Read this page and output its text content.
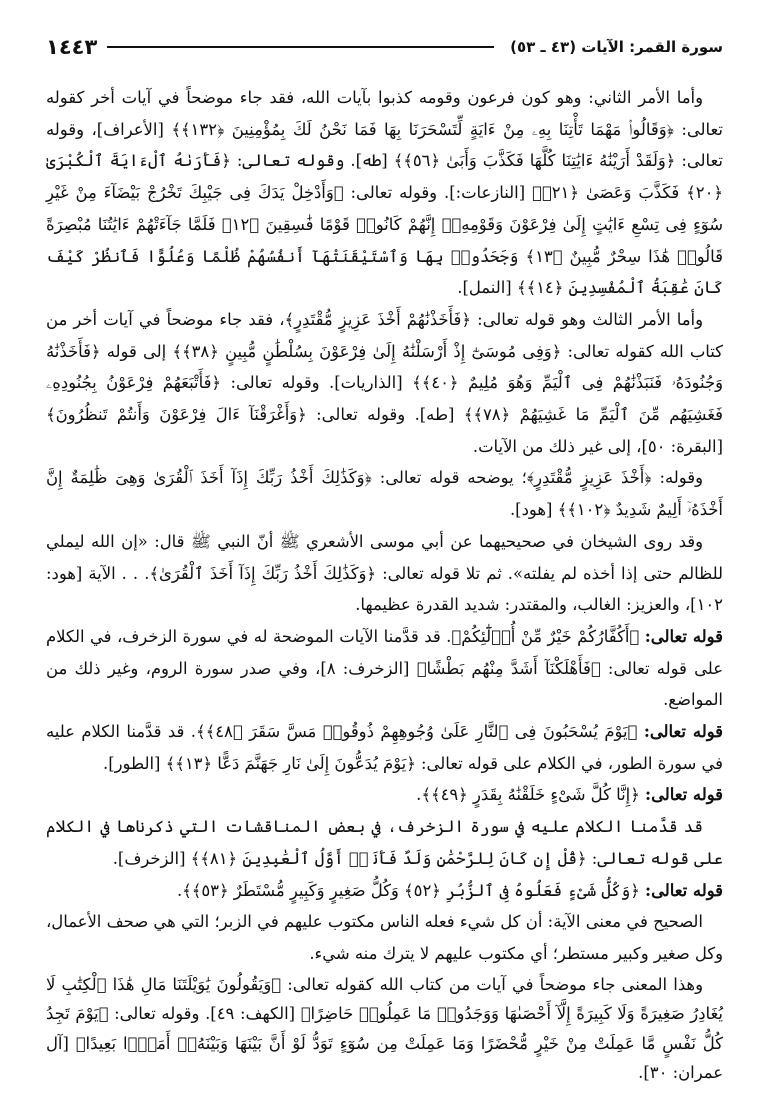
سورة القمر: الآيات (٤٣ ـ ٥٣)
١٤٤٣

وأما الأمر الثاني: وهو كون فرعون وقومه كذبوا بآيات الله، فقد جاء موضحاً في آيات أخر كقوله تعالى: ﴿وَقَالُوا۟ مَهْمَا تَأْتِنَا بِهِۦ مِنْ ءَايَةٍ لِّتَسْحَرَنَا بِهَا فَمَا نَحْنُ لَكَ بِمُؤْمِنِينَ ﴿١٣٢﴾﴾ [الأعراف]، وقوله تعالى: ﴿وَلَقَدْ أَرَيْنَٰهُ ءَايَٰتِنَا كُلَّهَا فَكَذَّبَ وَأَبَىٰ ﴿٥٦﴾﴾ [طه]. وقوله تعالى: ﴿فَأَرَىٰهُ ٱلْءَايَةَ ٱلْكُبْرَىٰ ﴿٢٠﴾ فَكَذَّبَ وَعَصَىٰ ﴿٢١﴾﴾ [النازعات:]. وقوله تعالى: ﴿وَأَدْخِلْ يَدَكَ فِى جَيْبِكَ تَخْرُجْ بَيْضَآءَ مِنْ غَيْرِ سُوٓءٍ فِى تِسْعِ ءَايَٰتٍ إِلَىٰ فِرْعَوْنَ وَقَوْمِهِۦٓ إِنَّهُمْ كَانُوا۟ قَوْمًا فَٰسِقِينَ ﴿١٢﴾ فَلَمَّا جَآءَتْهُمْ ءَايَٰتُنَا مُبْصِرَةً قَالُوا۟ هَٰذَا سِحْرٌ مُّبِينٌ ﴿١٣﴾ وَجَحَدُوا۟ بِهَا وَٱسْتَيْقَنَتْهَآ أَنفُسُهُمْ ظُلْمًا وَعُلُوًّا فَٱنظُرْ كَيْفَ كَانَ عَٰقِبَةُ ٱلْمُفْسِدِينَ ﴿١٤﴾﴾ [النمل].

وأما الأمر الثالث وهو قوله تعالى: ﴿فَأَخَذْنَٰهُمْ أَخْذَ عَزِيزٍ مُّقْتَدِرٍ﴾، فقد جاء موضحاً في آيات أخر من كتاب الله كقوله تعالى: ﴿وَفِى مُوسَىٰٓ إِذْ أَرْسَلْنَٰهُ إِلَىٰ فِرْعَوْنَ بِسُلْطَٰنٍ مُّبِينٍ ﴿٣٨﴾﴾ إلى قوله ﴿فَأَخَذْنَٰهُ وَجُنُودَهُۥ فَنَبَذْنَٰهُمْ فِى ٱلْيَمِّ وَهُوَ مُلِيمٌ ﴿٤٠﴾﴾ [الذاريات]. وقوله تعالى: ﴿فَأَتْبَعَهُمْ فِرْعَوْنُ بِجُنُودِهِۦ فَغَشِيَهُم مِّنَ ٱلْيَمِّ مَا غَشِيَهُمْ ﴿٧٨﴾﴾ [طه]. وقوله تعالى: ﴿وَأَغْرَقْنَآ ءَالَ فِرْعَوْنَ وَأَنتُمْ تَنظُرُونَ﴾ [البقرة: ٥٠]، إلى غير ذلك من الآيات.

وقوله: ﴿أَخْذَ عَزِيزٍ مُّقْتَدِرٍ﴾؛ يوضحه قوله تعالى: ﴿وَكَذَٰلِكَ أَخْذُ رَبِّكَ إِذَآ أَخَذَ ٱلْقُرَىٰ وَهِىَ ظَٰلِمَةٌ إِنَّ أَخْذَهُۥٓ أَلِيمٌ شَدِيدٌ ﴿١٠٢﴾﴾ [هود].

وقد روى الشيخان في صحيحيهما عن أبي موسى الأشعري ﷺ أنّ النبي ﷺ قال: «إن الله ليملي للظالم حتى إذا أخذه لم يفلته». ثم تلا قوله تعالى: ﴿وَكَذَٰلِكَ أَخْذُ رَبِّكَ إِذَآ أَخَذَ ٱلْقُرَىٰ﴾. . . الآية [هود: ١٠٢]، والعزيز: الغالب، والمقتدر: شديد القدرة عظيمها.

قوله تعالى: ﴿أَكُفَّارُكُمْ خَيْرٌ مِّنْ أُو۟لَٰٓئِكُمْ﴾. قد قدَّمنا الآيات الموضحة له في سورة الزخرف، في الكلام على قوله تعالى: ﴿فَأَهْلَكْنَآ أَشَدَّ مِنْهُم بَطْشًا﴾ [الزخرف: ٨]، وفي صدر سورة الروم، وغير ذلك من المواضع.

قوله تعالى: ﴿يَوْمَ يُسْحَبُونَ فِى ٱلنَّارِ عَلَىٰ وُجُوهِهِمْ ذُوقُوا۟ مَسَّ سَقَرَ ﴿٤٨﴾﴾. قد قدَّمنا الكلام عليه في سورة الطور، في الكلام على قوله تعالى: ﴿يَوْمَ يُدَعُّونَ إِلَىٰ نَارِ جَهَنَّمَ دَعًّا ﴿١٣﴾﴾ [الطور].

قوله تعالى: ﴿إِنَّا كُلَّ شَىْءٍ خَلَقْنَٰهُ بِقَدَرٍ ﴿٤٩﴾﴾.

قد قدَّمنا الكلام عليه في سورة الزخرف، في بعض المناقشات التي ذكرناها في الكلام على قوله تعالى: ﴿قُلْ إِن كَانَ لِلرَّحْمَٰنِ وَلَدٌ فَأَنَا۠ أَوَّلُ ٱلْعَٰبِدِينَ ﴿٨١﴾﴾ [الزخرف].

قوله تعالى: ﴿وَكُلُّ شَىْءٍ فَعَلُوهُ فِى ٱلزُّبُرِ ﴿٥٢﴾ وَكُلُّ صَغِيرٍ وَكَبِيرٍ مُّسْتَطَرٌ ﴿٥٣﴾﴾.

الصحيح في معنى الآية: أن كل شيء فعله الناس مكتوب عليهم في الزبر؛ التي هي صحف الأعمال، وكل صغير وكبير مستطر؛ أي مكتوب عليهم لا يترك منه شيء.

وهذا المعنى جاء موضحاً في آيات من كتاب الله كقوله تعالى: ﴿وَيَقُولُونَ يَٰوَيْلَتَنَا مَالِ هَٰذَا ٱلْكِتَٰبِ لَا يُغَادِرُ صَغِيرَةً وَلَا كَبِيرَةً إِلَّآ أَحْصَىٰهَا وَوَجَدُوا۟ مَا عَمِلُوا۟ حَاضِرًا﴾ [الكهف: ٤٩]. وقوله تعالى: ﴿يَوْمَ تَجِدُ كُلُّ نَفْسٍ مَّا عَمِلَتْ مِنْ خَيْرٍ مُّحْضَرًا وَمَا عَمِلَتْ مِن سُوٓءٍ تَوَدُّ لَوْ أَنَّ بَيْنَهَا وَبَيْنَهُۥٓ أَمَدًۢا بَعِيدًا﴾ [آل عمران: ٣٠].
